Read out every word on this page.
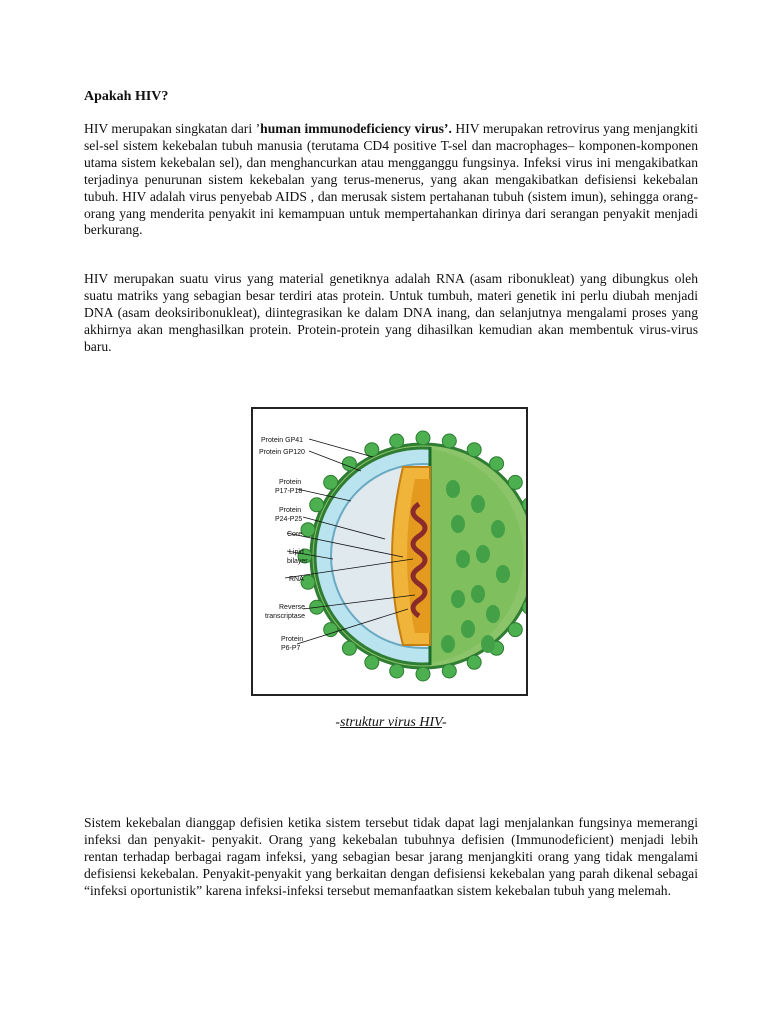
Apakah HIV?

HIV merupakan singkatan dari ’human immunodeficiency virus’. HIV merupakan retrovirus yang menjangkiti sel-sel sistem kekebalan tubuh manusia (terutama CD4 positive T-sel dan macrophages– komponen-komponen utama sistem kekebalan sel), dan menghancurkan atau mengganggu fungsinya. Infeksi virus ini mengakibatkan terjadinya penurunan sistem kekebalan yang terus-menerus, yang akan mengakibatkan defisiensi kekebalan tubuh. HIV adalah virus penyebab AIDS , dan merusak sistem pertahanan tubuh (sistem imun), sehingga orang-orang yang menderita penyakit ini kemampuan untuk mempertahankan dirinya dari serangan penyakit menjadi berkurang.

HIV merupakan suatu virus yang material genetiknya adalah RNA (asam ribonukleat) yang dibungkus oleh suatu matriks yang sebagian besar terdiri atas protein. Untuk tumbuh, materi genetik ini perlu diubah menjadi DNA (asam deoksiribonukleat), diintegrasikan ke dalam DNA inang, dan selanjutnya mengalami proses yang akhirnya akan menghasilkan protein. Protein-protein yang dihasilkan kemudian akan membentuk virus-virus baru.

Protein GP41
Protein GP120
Protein
P17-P18
Protein
P24-P25
Core
Lipid
bilayer
RNA
Reverse
transcriptase
Protein
P6-P7
-struktur virus HIV-

Sistem kekebalan dianggap defisien ketika sistem tersebut tidak dapat lagi menjalankan fungsinya memerangi infeksi dan penyakit- penyakit. Orang yang kekebalan tubuhnya defisien (Immunodeficient) menjadi lebih rentan terhadap berbagai ragam infeksi, yang sebagian besar jarang menjangkiti orang yang tidak mengalami defisiensi kekebalan. Penyakit-penyakit yang berkaitan dengan defisiensi kekebalan yang parah dikenal sebagai “infeksi oportunistik” karena infeksi-infeksi tersebut memanfaatkan sistem kekebalan tubuh yang melemah.
